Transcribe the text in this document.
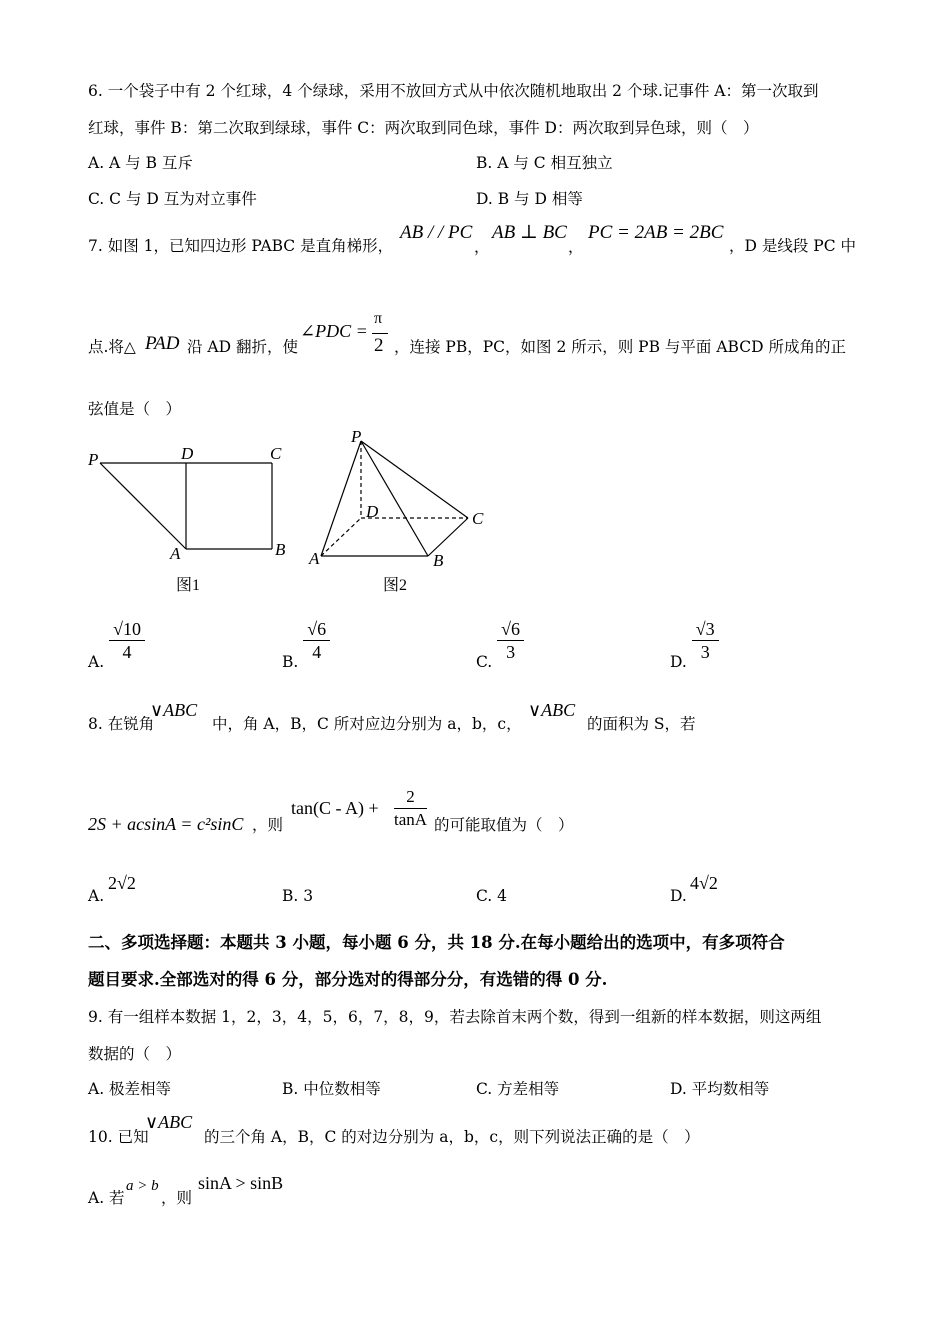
6. 一个袋子中有 2 个红球，4 个绿球，采用不放回方式从中依次随机地取出 2 个球.记事件 A：第一次取到
红球，事件 B：第二次取到绿球，事件 C：两次取到同色球，事件 D：两次取到异色球，则（　）
A. A 与 B 互斥	B. A 与 C 相互独立
C. C 与 D 互为对立事件	D. B 与 D 相等
7. 如图 1，已知四边形 PABC 是直角梯形，
AB / / PC
，
AB ⊥ BC
，
PC = 2AB = 2BC
，D 是线段 PC 中
点.将△ PAD 沿 AD 翻折，使
∠PDC =
π
2 ，连接 PB，PC，如图 2 所示，则 PB 与平面 ABCD 所成角的正
弦值是（　）
P	D	C
A	B
图1
P
D	C
A	B
图2
A. $\frac{√10}{4}$	B. $\frac{√6}{4}$	C. $\frac{√6}{3}$	D. $\frac{√3}{3}$
8. 在锐角
∨ABC
中，角 A，B，C 所对应边分别为 a，b，c，
∨ABC
的面积为 S，若
2S + acsinA = c²sinC ，则
$\tan(C - A) + \frac{2}{\tan A}$ 的可能取值为（　）
A.
2√2
B. 3	C. 4	D.
4√2
二、多项选择题：本题共 3 小题，每小题 6 分，共 18 分.在每小题给出的选项中，有多项符合
题目要求.全部选对的得 6 分，部分选对的得部分分，有选错的得 0 分.
9. 有一组样本数据 1，2，3，4，5，6，7，8，9，若去除首末两个数，得到一组新的样本数据，则这两组
数据的（　）
A. 极差相等	B. 中位数相等	C. 方差相等	D. 平均数相等
10. 已知
∨ABC
的三个角 A，B，C 的对边分别为 a，b，c，则下列说法正确的是（　）
A. 若
a > b
，则
sinA > sinB
